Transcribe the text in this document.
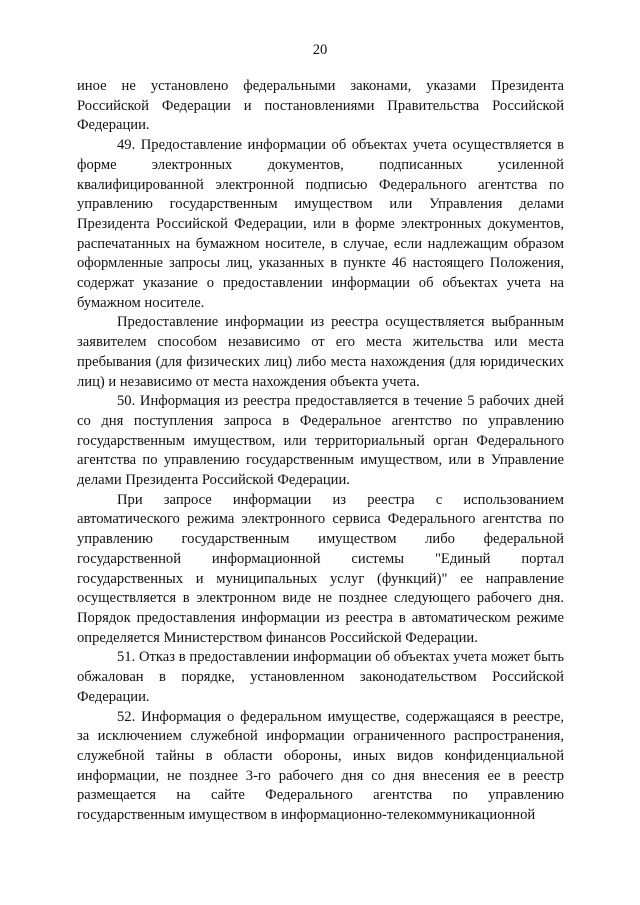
20

иное не установлено федеральными законами, указами Президента Российской Федерации и постановлениями Правительства Российской Федерации.

49. Предоставление информации об объектах учета осуществляется в форме электронных документов, подписанных усиленной квалифицированной электронной подписью Федерального агентства по управлению государственным имуществом или Управления делами Президента Российской Федерации, или в форме электронных документов, распечатанных на бумажном носителе, в случае, если надлежащим образом оформленные запросы лиц, указанных в пункте 46 настоящего Положения, содержат указание о предоставлении информации об объектах учета на бумажном носителе.

Предоставление информации из реестра осуществляется выбранным заявителем способом независимо от его места жительства или места пребывания (для физических лиц) либо места нахождения (для юридических лиц) и независимо от места нахождения объекта учета.

50. Информация из реестра предоставляется в течение 5 рабочих дней со дня поступления запроса в Федеральное агентство по управлению государственным имуществом, или территориальный орган Федерального агентства по управлению государственным имуществом, или в Управление делами Президента Российской Федерации.

При запросе информации из реестра с использованием автоматического режима электронного сервиса Федерального агентства по управлению государственным имуществом либо федеральной государственной информационной системы "Единый портал государственных и муниципальных услуг (функций)" ее направление осуществляется в электронном виде не позднее следующего рабочего дня. Порядок предоставления информации из реестра в автоматическом режиме определяется Министерством финансов Российской Федерации.

51. Отказ в предоставлении информации об объектах учета может быть обжалован в порядке, установленном законодательством Российской Федерации.

52. Информация о федеральном имуществе, содержащаяся в реестре, за исключением служебной информации ограниченного распространения, служебной тайны в области обороны, иных видов конфиденциальной информации, не позднее 3-го рабочего дня со дня внесения ее в реестр размещается на сайте Федерального агентства по управлению государственным имуществом в информационно-телекоммуникационной
